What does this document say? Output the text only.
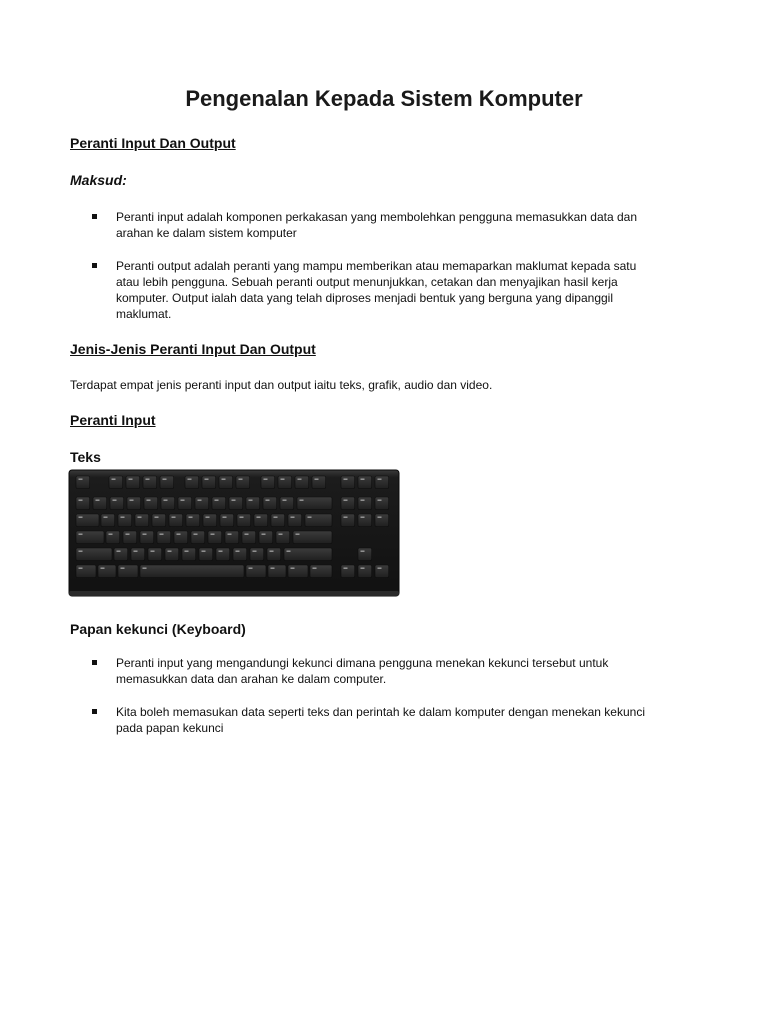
Pengenalan Kepada Sistem Komputer
Peranti Input Dan Output
Maksud:
Peranti input adalah komponen perkakasan yang membolehkan pengguna memasukkan data dan
arahan ke dalam sistem komputer
Peranti output adalah peranti yang mampu memberikan atau memaparkan maklumat kepada satu
atau lebih pengguna. Sebuah peranti output menunjukkan, cetakan dan menyajikan hasil kerja
komputer. Output ialah data yang telah diproses menjadi bentuk yang berguna yang dipanggil
maklumat.
Jenis-Jenis Peranti Input Dan Output
Terdapat empat jenis peranti input dan output iaitu teks, grafik, audio dan video.
Peranti Input
Teks
Papan kekunci (Keyboard)
Peranti input yang mengandungi kekunci dimana pengguna menekan kekunci tersebut untuk
memasukkan data dan arahan ke dalam computer.
Kita boleh memasukan data seperti teks dan perintah ke dalam komputer dengan menekan kekunci
pada papan kekunci
